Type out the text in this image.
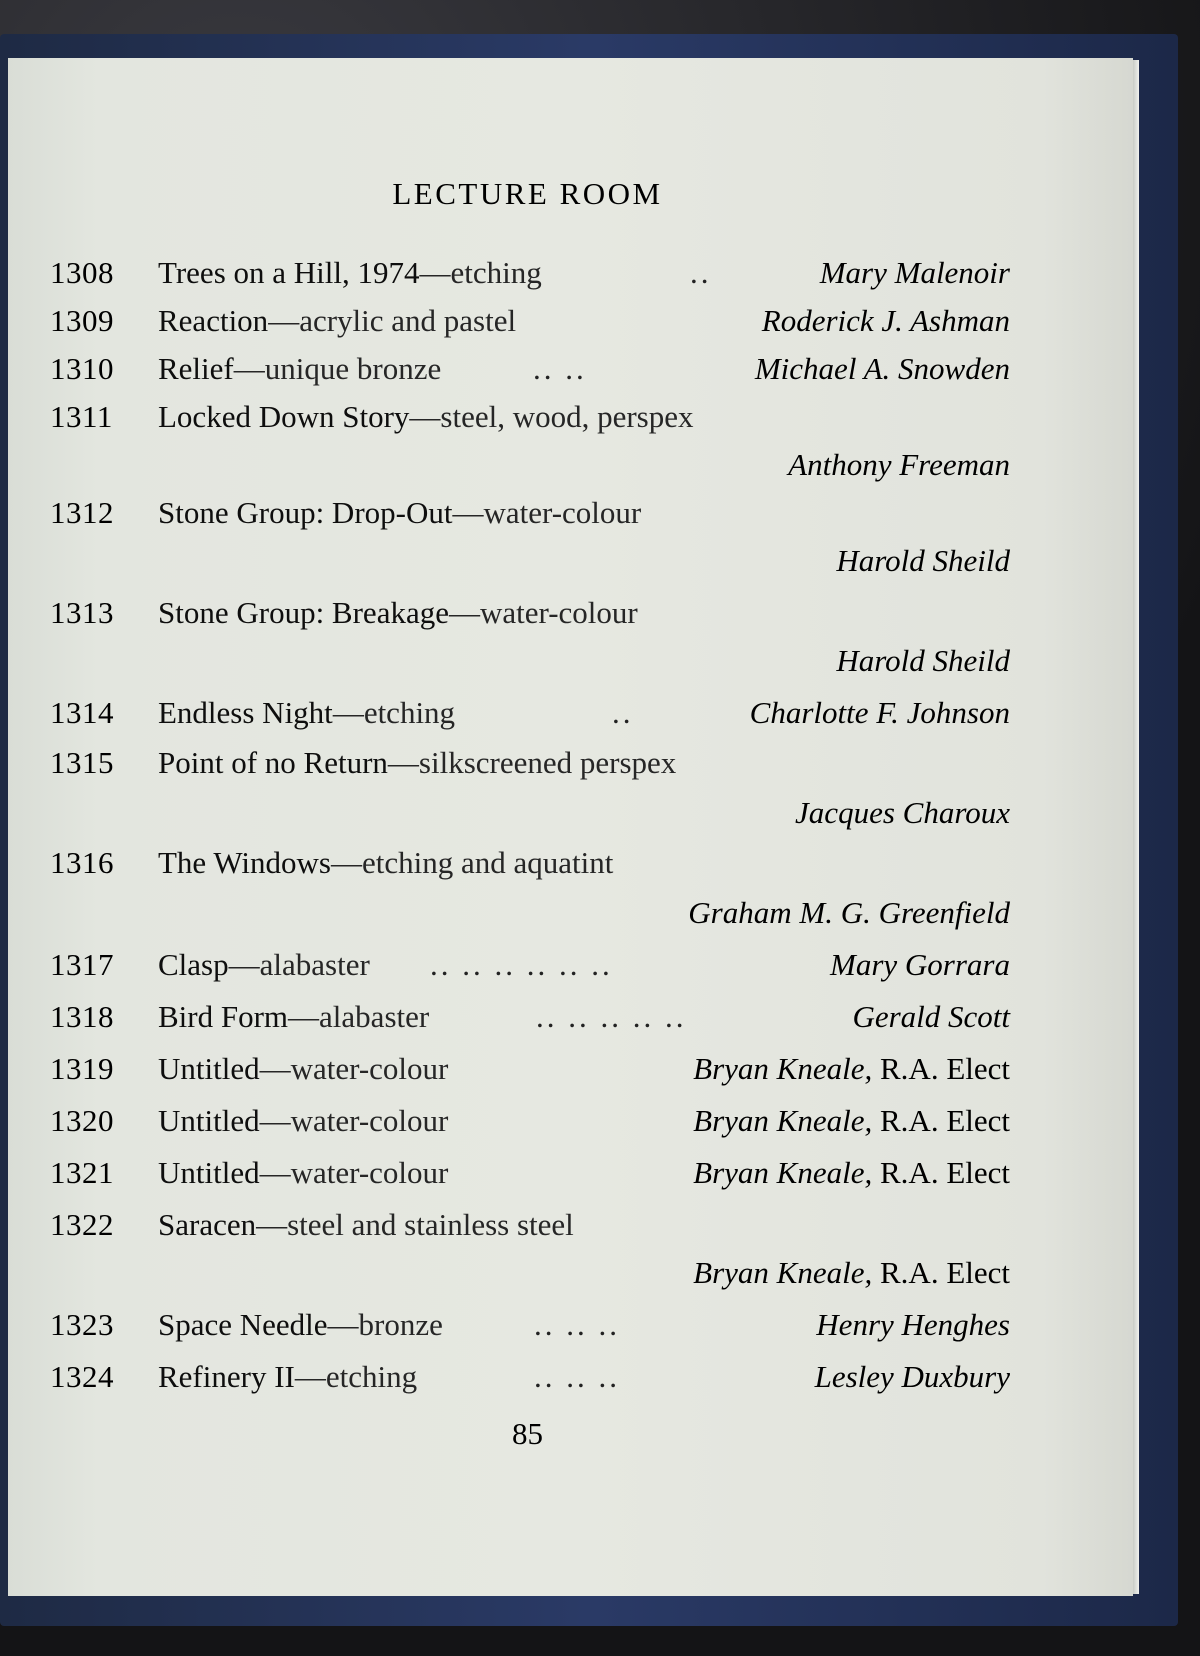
LECTURE ROOM
1308 Trees on a Hill, 1974—etching	..	Mary Malenoir
1309 Reaction—acrylic and pastel	Roderick J. Ashman
1310 Relief—unique bronze	.. ..	Michael A. Snowden
1311 Locked Down Story—steel, wood, perspex
Anthony Freeman
1312 Stone Group: Drop-Out—water-colour
Harold Sheild
1313 Stone Group: Breakage—water-colour
Harold Sheild
1314 Endless Night—etching	..	Charlotte F. Johnson
1315 Point of no Return—silkscreened perspex
Jacques Charoux
1316 The Windows—etching and aquatint
Graham M. G. Greenfield
1317 Clasp—alabaster .. .. .. .. .. ..	Mary Gorrara
1318 Bird Form—alabaster	.. .. .. .. ..	Gerald Scott
1319 Untitled—water-colour	Bryan Kneale, R.A. Elect
1320 Untitled—water-colour	Bryan Kneale, R.A. Elect
1321 Untitled—water-colour	Bryan Kneale, R.A. Elect
1322 Saracen—steel and stainless steel
Bryan Kneale, R.A. Elect
1323 Space Needle—bronze	.. .. ..	Henry Henghes
1324 Refinery II—etching	.. .. ..	Lesley Duxbury
85
